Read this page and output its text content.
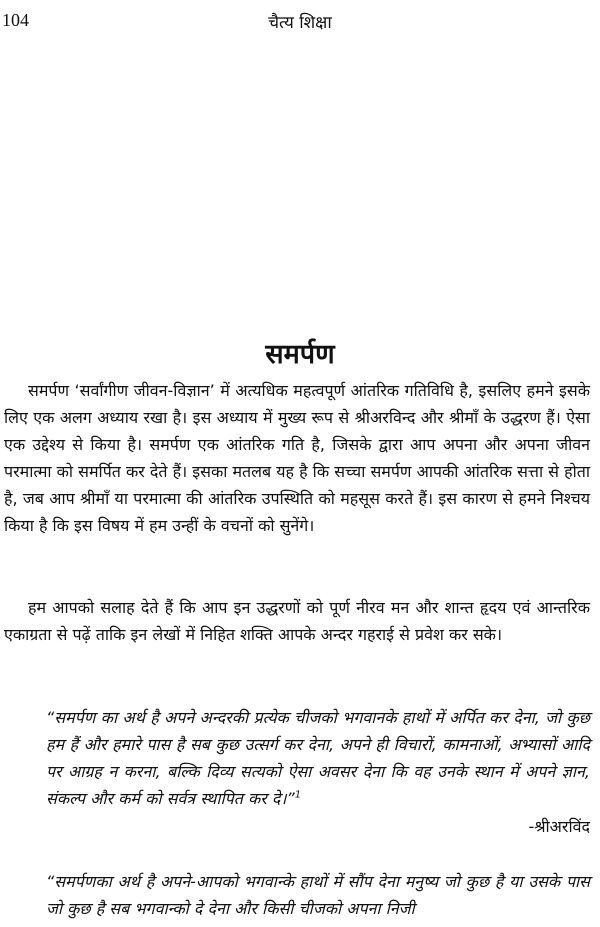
104	चैत्य शिक्षा
समर्पण

समर्पण ‘सर्वांगीण जीवन-विज्ञान’ में अत्यधिक महत्वपूर्ण आंतरिक गतिविधि है, इसलिए हमने इसके लिए एक अलग अध्याय रखा है। इस अध्याय में मुख्य रूप से श्रीअरविन्द और श्रीमाँ के उद्धरण हैं। ऐसा एक उद्देश्य से किया है। समर्पण एक आंतरिक गति है, जिसके द्वारा आप अपना और अपना जीवन परमात्मा को समर्पित कर देते हैं। इसका मतलब यह है कि सच्चा समर्पण आपकी आंतरिक सत्ता से होता है, जब आप श्रीमाँ या परमात्मा की आंतरिक उपस्थिति को महसूस करते हैं। इस कारण से हमने निश्चय किया है कि इस विषय में हम उन्हीं के वचनों को सुनेंगे।

हम आपको सलाह देते हैं कि आप इन उद्धरणों को पूर्ण नीरव मन और शान्त हृदय एवं आन्तरिक एकाग्रता से पढ़ें ताकि इन लेखों में निहित शक्ति आपके अन्दर गहराई से प्रवेश कर सके।

“समर्पण का अर्थ है अपने अन्दरकी प्रत्येक चीजको भगवानके हाथों में अर्पित कर देना, जो कुछ हम हैं और हमारे पास है सब कुछ उत्सर्ग कर देना, अपने ही विचारों, कामनाओं, अभ्यासों आदि पर आग्रह न करना, बल्कि दिव्य सत्यको ऐसा अवसर देना कि वह उनके स्थान में अपने ज्ञान, संकल्प और कर्म को सर्वत्र स्थापित कर दे।”$^1$

-श्रीअरविंद

“समर्पणका अर्थ है अपने-आपको भगवान्के हाथों में सौंप देना मनुष्य जो कुछ है या उसके पास जो कुछ है सब भगवान्को दे देना और किसी चीजको अपना निजी
